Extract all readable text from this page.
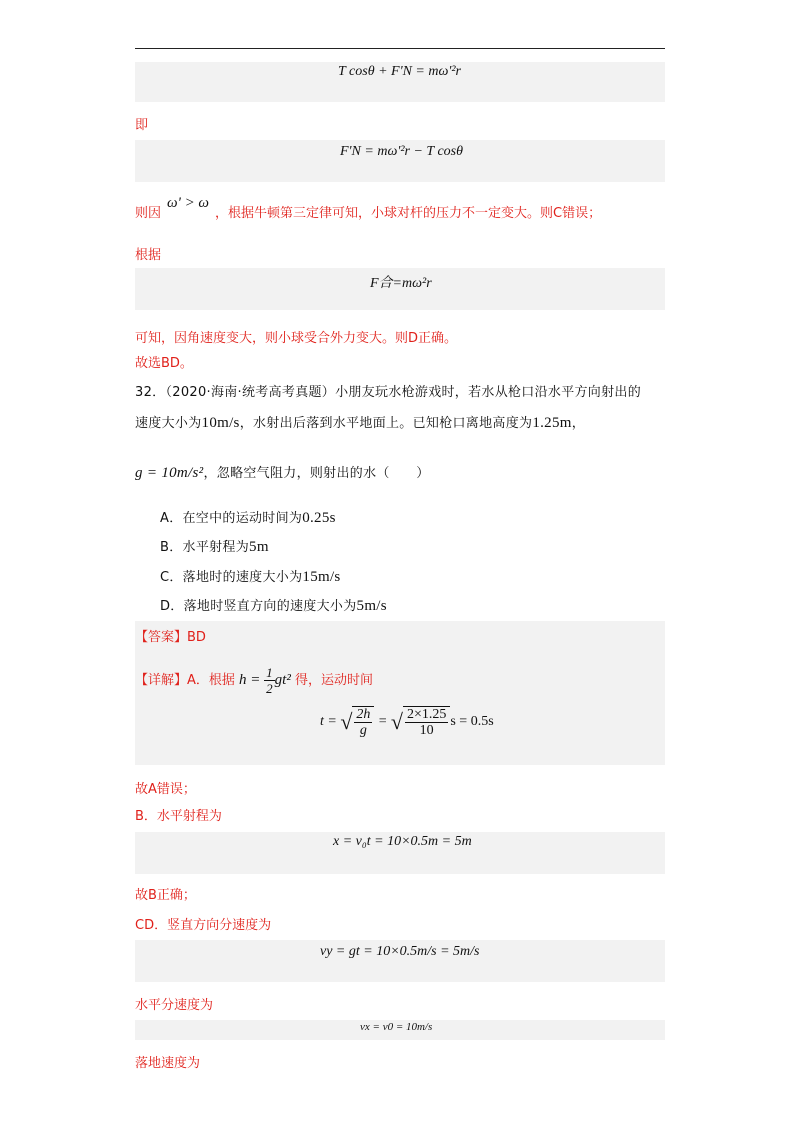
T cosθ + F'N = mω'²r
即
F'N = mω'²r − T cosθ
则因ω' > ω，根据牛顿第三定律可知，小球对杆的压力不一定变大。则C错误；
根据
F合=mω²r
可知，因角速度变大，则小球受合外力变大。则D正确。
故选BD。
32．（2020·海南·统考高考真题）小朋友玩水枪游戏时，若水从枪口沿水平方向射出的
速度大小为10m/s，水射出后落到水平地面上。已知枪口离地高度为1.25m，
g = 10m/s²，忽略空气阻力，则射出的水（　　）
A．在空中的运动时间为0.25s
B．水平射程为5m
C．落地时的速度大小为15m/s
D．落地时竖直方向的速度大小为5m/s
【答案】BD
【详解】A．根据 $h = \frac{1}{2} gt^2$ 得，运动时间
t = √ $\frac{2h}{g}$ = √ $\frac{2\times 1.25}{10}$ s = 0.5s
故A错误；
B．水平射程为
x = v₀t = 10×0.5m = 5m
故B正确；
CD．竖直方向分速度为
vy = gt = 10×0.5m/s = 5m/s
水平分速度为
vx = v0 = 10m/s
落地速度为
